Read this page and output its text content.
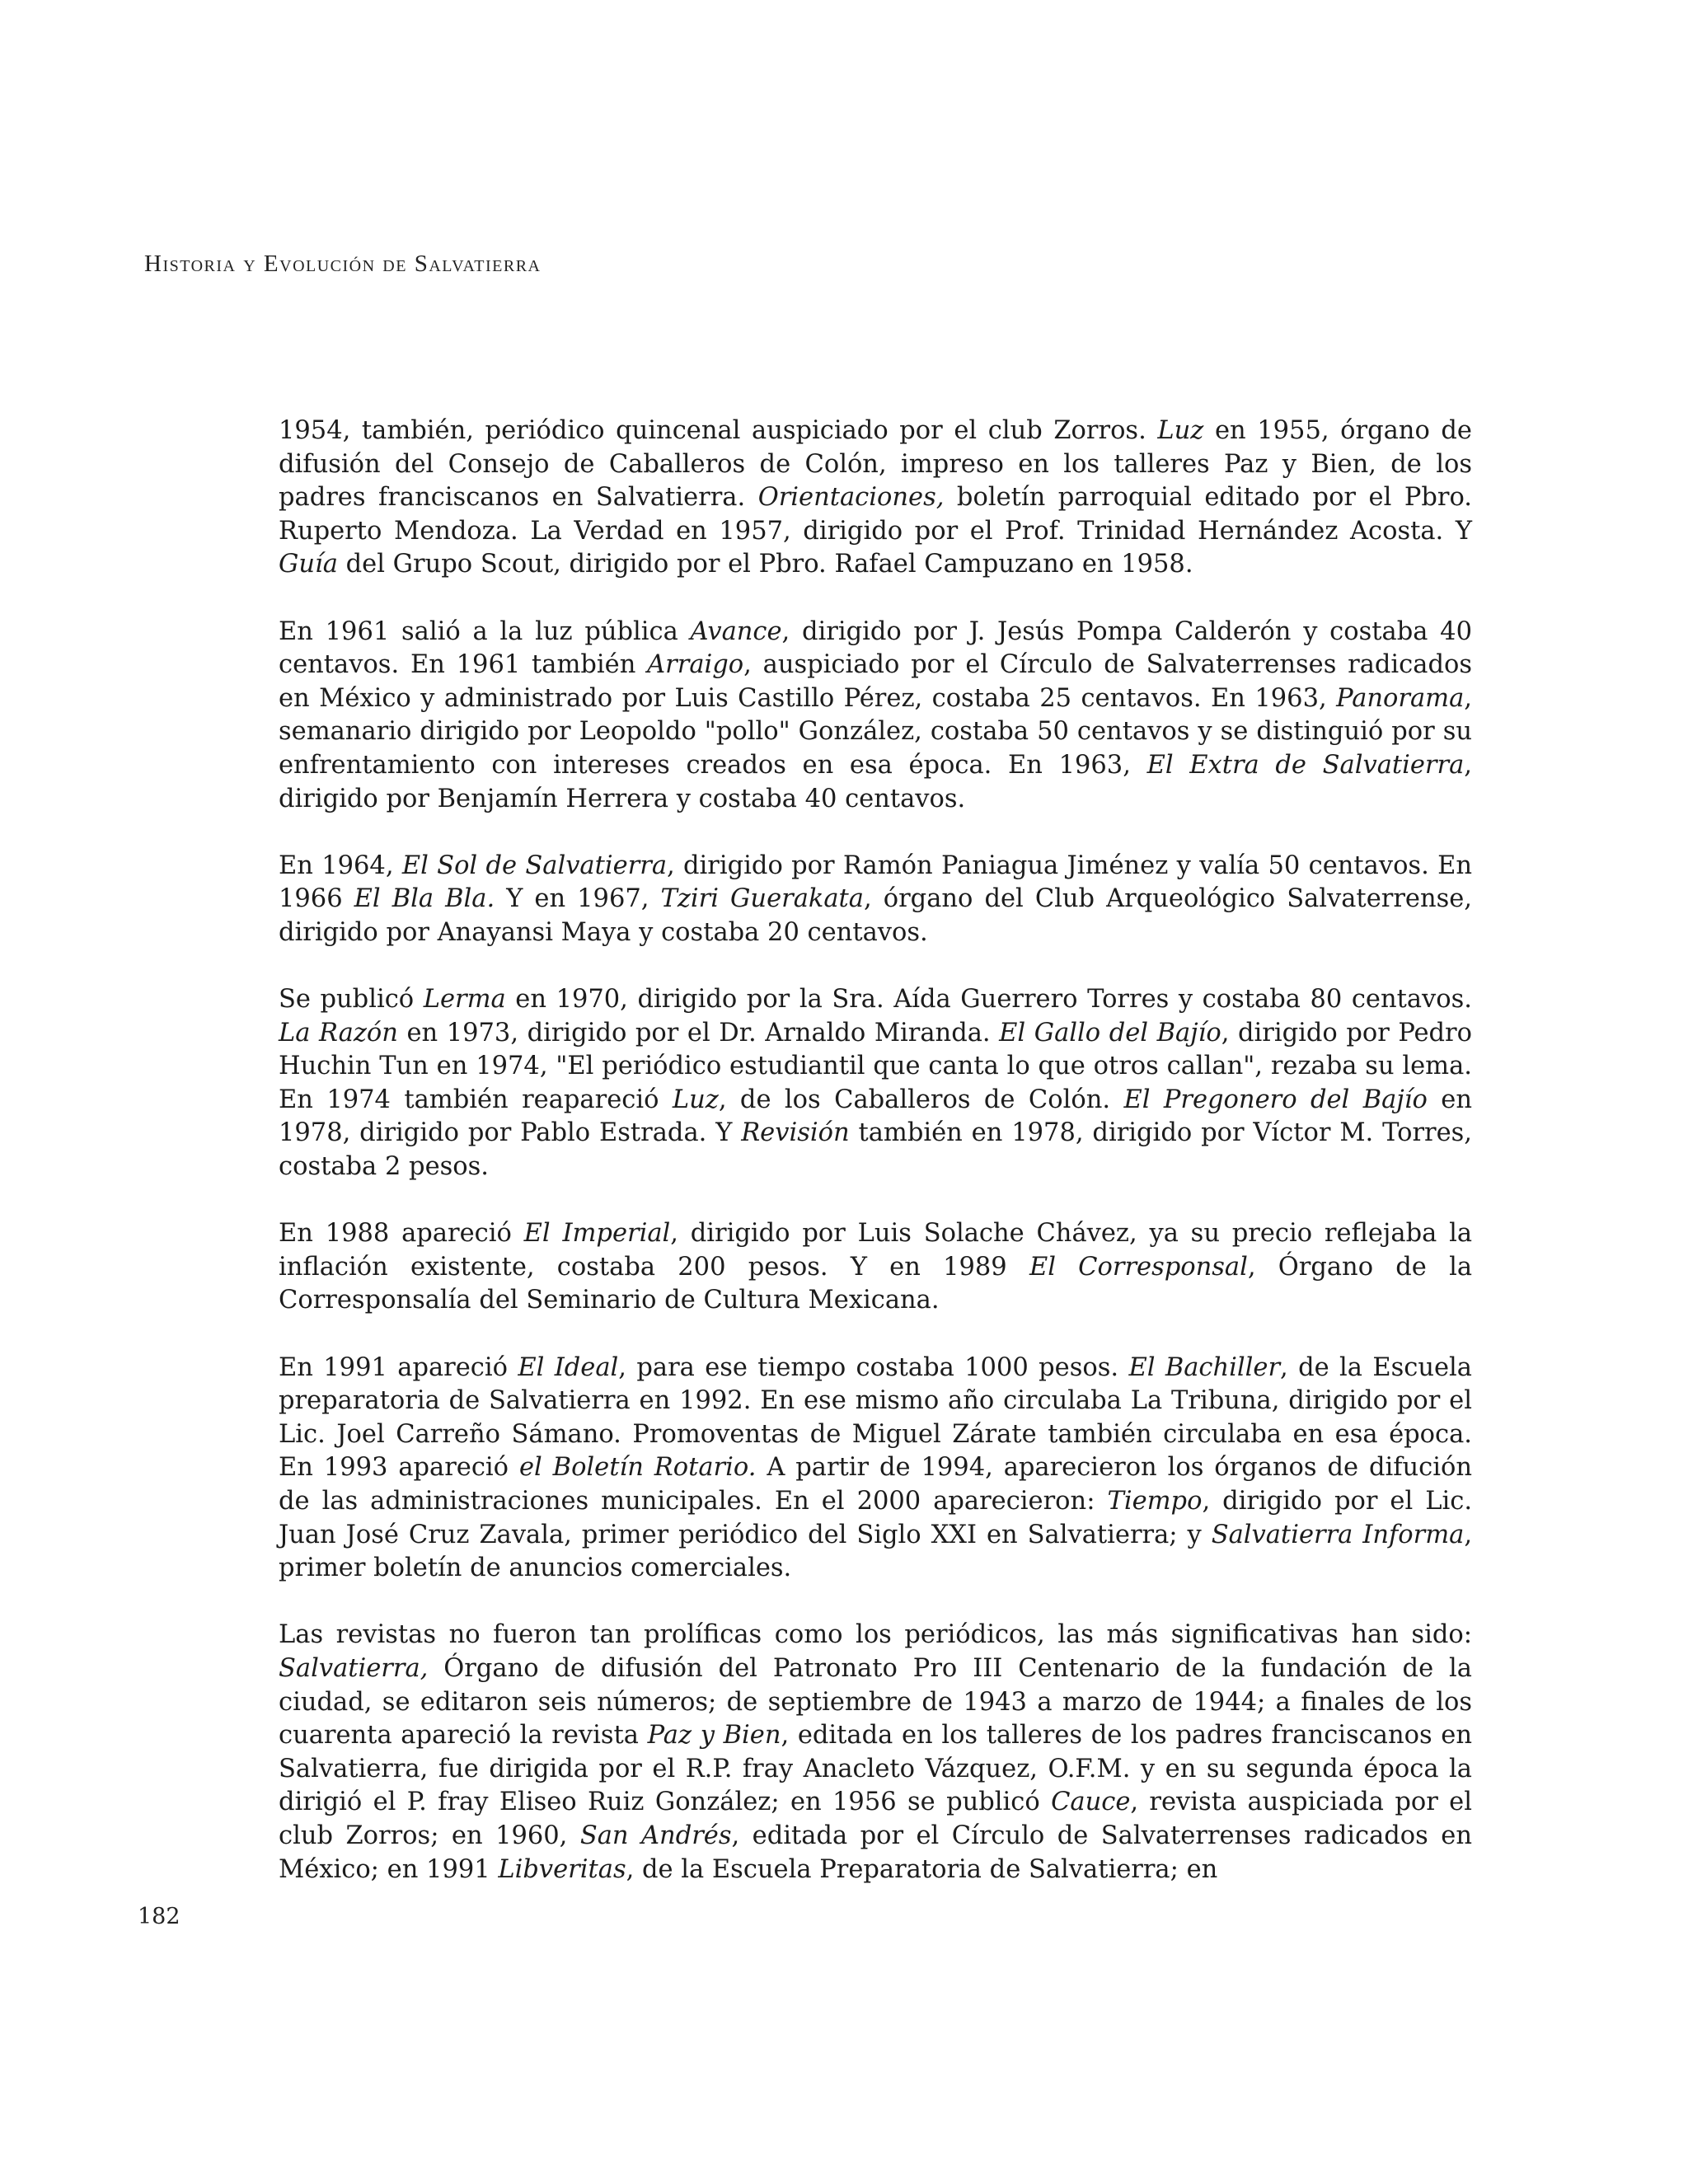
Historia y Evolución de Salvatierra

1954, también, periódico quincenal auspiciado por el club Zorros. Luz en 1955, órgano de difusión del Consejo de Caballeros de Colón, impreso en los talleres Paz y Bien, de los padres franciscanos en Salvatierra. Orientaciones, boletín parroquial editado por el Pbro. Ruperto Mendoza. La Verdad en 1957, dirigido por el Prof. Trinidad Hernández Acosta. Y Guía del Grupo Scout, dirigido por el Pbro. Rafael Campuzano en 1958.

En 1961 salió a la luz pública Avance, dirigido por J. Jesús Pompa Calderón y costaba 40 centavos. En 1961 también Arraigo, auspiciado por el Círculo de Salvaterrenses radicados en México y administrado por Luis Castillo Pérez, costaba 25 centavos. En 1963, Panorama, semanario dirigido por Leopoldo "pollo" González, costaba 50 centavos y se distinguió por su enfrentamiento con intereses creados en esa época. En 1963, El Extra de Salvatierra, dirigido por Benjamín Herrera y costaba 40 centavos.

En 1964, El Sol de Salvatierra, dirigido por Ramón Paniagua Jiménez y valía 50 centavos. En 1966 El Bla Bla. Y en 1967, Tziri Guerakata, órgano del Club Arqueológico Salvaterrense, dirigido por Anayansi Maya y costaba 20 centavos.

Se publicó Lerma en 1970, dirigido por la Sra. Aída Guerrero Torres y costaba 80 centavos. La Razón en 1973, dirigido por el Dr. Arnaldo Miranda. El Gallo del Bajío, dirigido por Pedro Huchin Tun en 1974, "El periódico estudiantil que canta lo que otros callan", rezaba su lema. En 1974 también reapareció Luz, de los Caballeros de Colón. El Pregonero del Bajío en 1978, dirigido por Pablo Estrada. Y Revisión también en 1978, dirigido por Víctor M. Torres, costaba 2 pesos.

En 1988 apareció El Imperial, dirigido por Luis Solache Chávez, ya su precio reflejaba la inflación existente, costaba 200 pesos. Y en 1989 El Corresponsal, Órgano de la Corresponsalía del Seminario de Cultura Mexicana.

En 1991 apareció El Ideal, para ese tiempo costaba 1000 pesos. El Bachiller, de la Escuela preparatoria de Salvatierra en 1992. En ese mismo año circulaba La Tribuna, dirigido por el Lic. Joel Carreño Sámano. Promoventas de Miguel Zárate también circulaba en esa época. En 1993 apareció el Boletín Rotario. A partir de 1994, aparecieron los órganos de difución de las administraciones municipales. En el 2000 aparecieron: Tiempo, dirigido por el Lic. Juan José Cruz Zavala, primer periódico del Siglo XXI en Salvatierra; y Salvatierra Informa, primer boletín de anuncios comerciales.

Las revistas no fueron tan prolíficas como los periódicos, las más significativas han sido: Salvatierra, Órgano de difusión del Patronato Pro III Centenario de la fundación de la ciudad, se editaron seis números; de septiembre de 1943 a marzo de 1944; a finales de los cuarenta apareció la revista Paz y Bien, editada en los talleres de los padres franciscanos en Salvatierra, fue dirigida por el R.P. fray Anacleto Vázquez, O.F.M. y en su segunda época la dirigió el P. fray Eliseo Ruiz González; en 1956 se publicó Cauce, revista auspiciada por el club Zorros; en 1960, San Andrés, editada por el Círculo de Salvaterrenses radicados en México; en 1991 Libveritas, de la Escuela Preparatoria de Salvatierra; en

182
